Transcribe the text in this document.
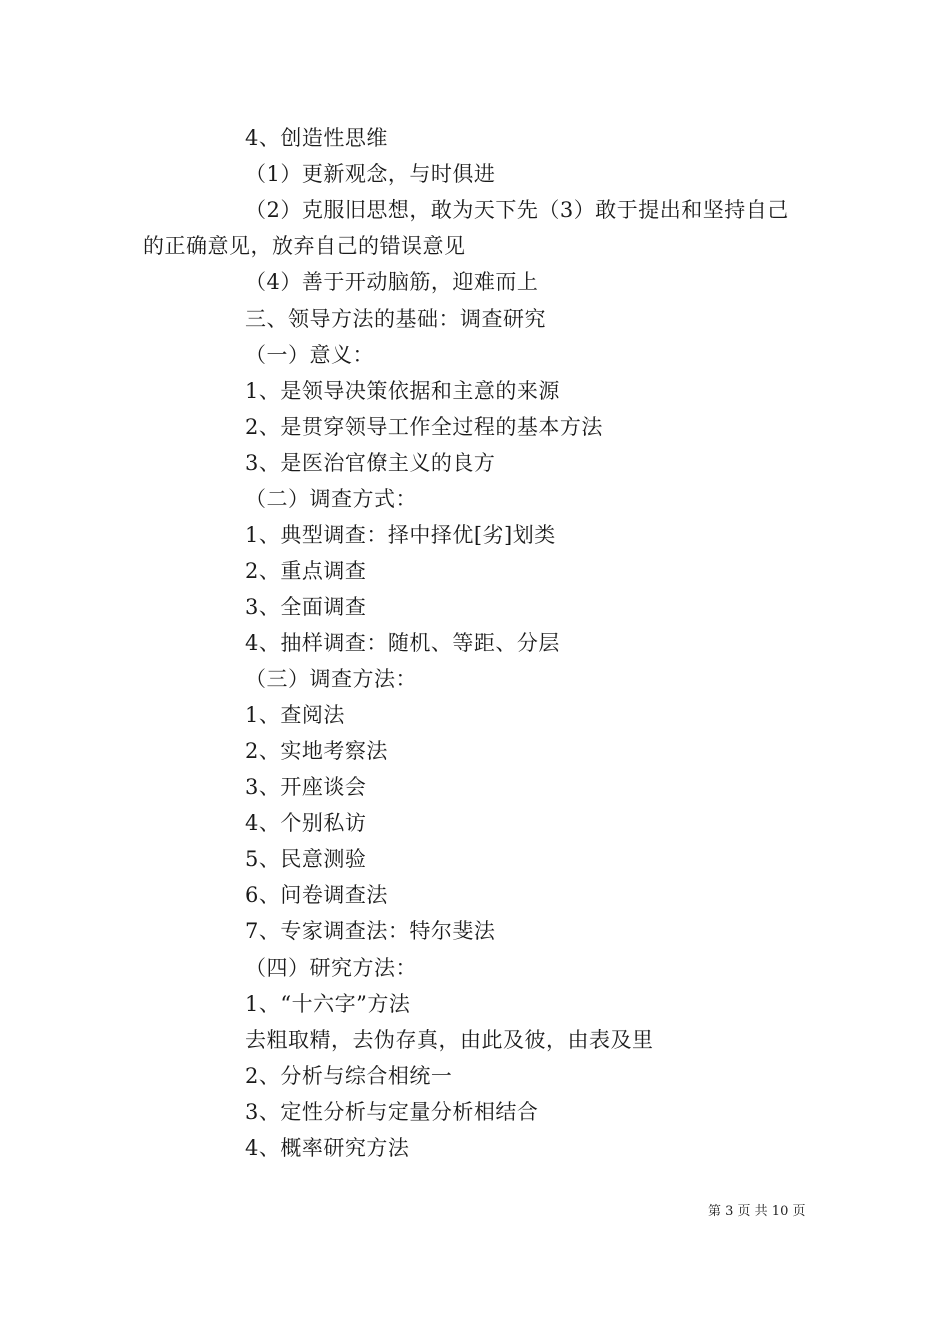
4、创造性思维
（1）更新观念，与时俱进
（2）克服旧思想，敢为天下先（3）敢于提出和坚持自己
的正确意见，放弃自己的错误意见
（4）善于开动脑筋，迎难而上
三、领导方法的基础：调查研究
（一）意义：
1、是领导决策依据和主意的来源
2、是贯穿领导工作全过程的基本方法
3、是医治官僚主义的良方
（二）调查方式：
1、典型调查：择中择优[劣]划类
2、重点调查
3、全面调查
4、抽样调查：随机、等距、分层
（三）调查方法：
1、查阅法
2、实地考察法
3、开座谈会
4、个别私访
5、民意测验
6、问卷调查法
7、专家调查法：特尔斐法
（四）研究方法：
1、“十六字”方法
去粗取精，去伪存真，由此及彼，由表及里
2、分析与综合相统一
3、定性分析与定量分析相结合
4、概率研究方法
第 3 页 共 10 页
